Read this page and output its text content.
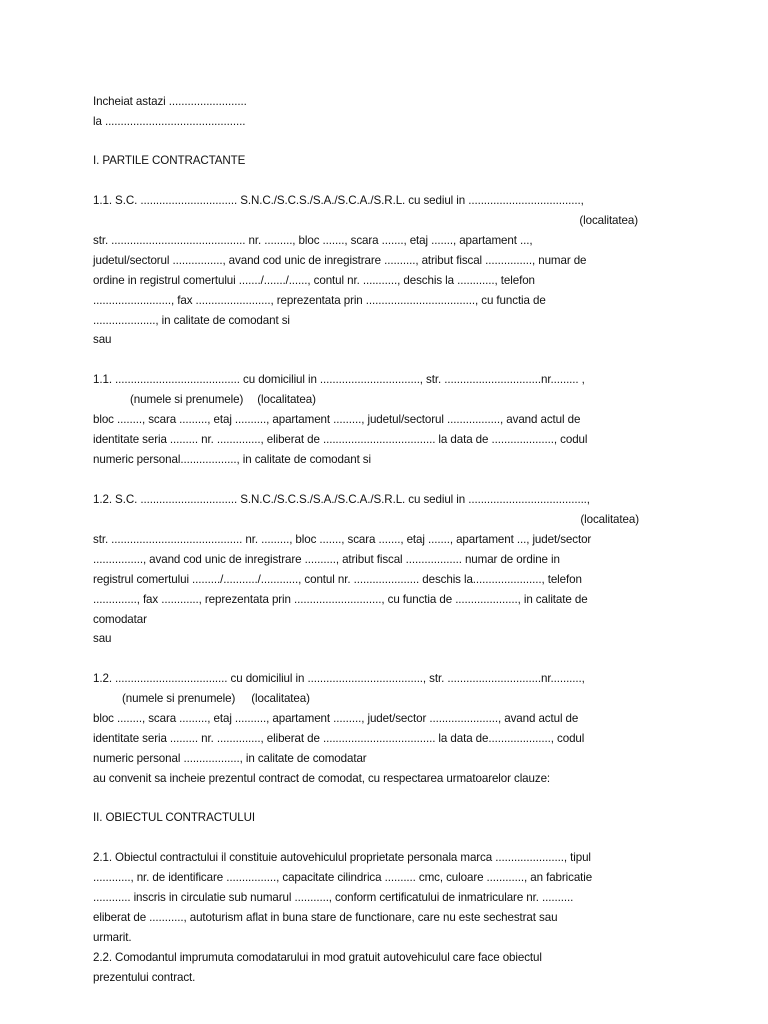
Incheiat astazi .........................
la .............................................
I. PARTILE CONTRACTANTE
1.1. S.C. ............................... S.N.C./S.C.S./S.A./S.C.A./S.R.L. cu sediul in ....................................,
(localitatea)
str. ........................................... nr. ........., bloc ......., scara ......., etaj ......., apartament ...,
judetul/sectorul ................, avand cod unic de inregistrare .........., atribut fiscal ..............., numar de
ordine in registrul comertului ......./......./......, contul nr. ..........., deschis la ............, telefon
........................., fax ........................, reprezentata prin ..................................., cu functia de
...................., in calitate de comodant si
sau
1.1. ........................................ cu domiciliul in ................................, str. ...............................nr......... ,
(numele si prenumele) (localitatea)
bloc ........, scara ........., etaj .........., apartament ........., judetul/sectorul ................., avand actul de
identitate seria ......... nr. .............., eliberat de .................................... la data de ...................., codul
numeric personal.................., in calitate de comodant si
1.2. S.C. ............................... S.N.C./S.C.S./S.A./S.C.A./S.R.L. cu sediul in ......................................,
(localitatea)
str. .......................................... nr. ........., bloc ......., scara ......., etaj ......., apartament ..., judet/sector
................, avand cod unic de inregistrare .........., atribut fiscal .................. numar de ordine in
registrul comertului ........./.........../............, contul nr. ..................... deschis la......................, telefon
.............., fax ............, reprezentata prin ............................, cu functia de ...................., in calitate de
comodatar
sau
1.2. .................................... cu domiciliul in ....................................., str. ..............................nr..........,
(numele si prenumele) (localitatea)
bloc ........, scara ........., etaj .........., apartament ........., judet/sector ......................, avand actul de
identitate seria ......... nr. .............., eliberat de .................................... la data de...................., codul
numeric personal .................., in calitate de comodatar
au convenit sa incheie prezentul contract de comodat, cu respectarea urmatoarelor clauze:
II. OBIECTUL CONTRACTULUI
2.1. Obiectul contractului il constituie autovehiculul proprietate personala marca ......................, tipul
............, nr. de identificare ................, capacitate cilindrica .......... cmc, culoare ............, an fabricatie
............ inscris in circulatie sub numarul ..........., conform certificatului de inmatriculare nr. ..........
eliberat de ..........., autoturism aflat in buna stare de functionare, care nu este sechestrat sau
urmarit.
2.2. Comodantul imprumuta comodatarului in mod gratuit autovehiculul care face obiectul
prezentului contract.
